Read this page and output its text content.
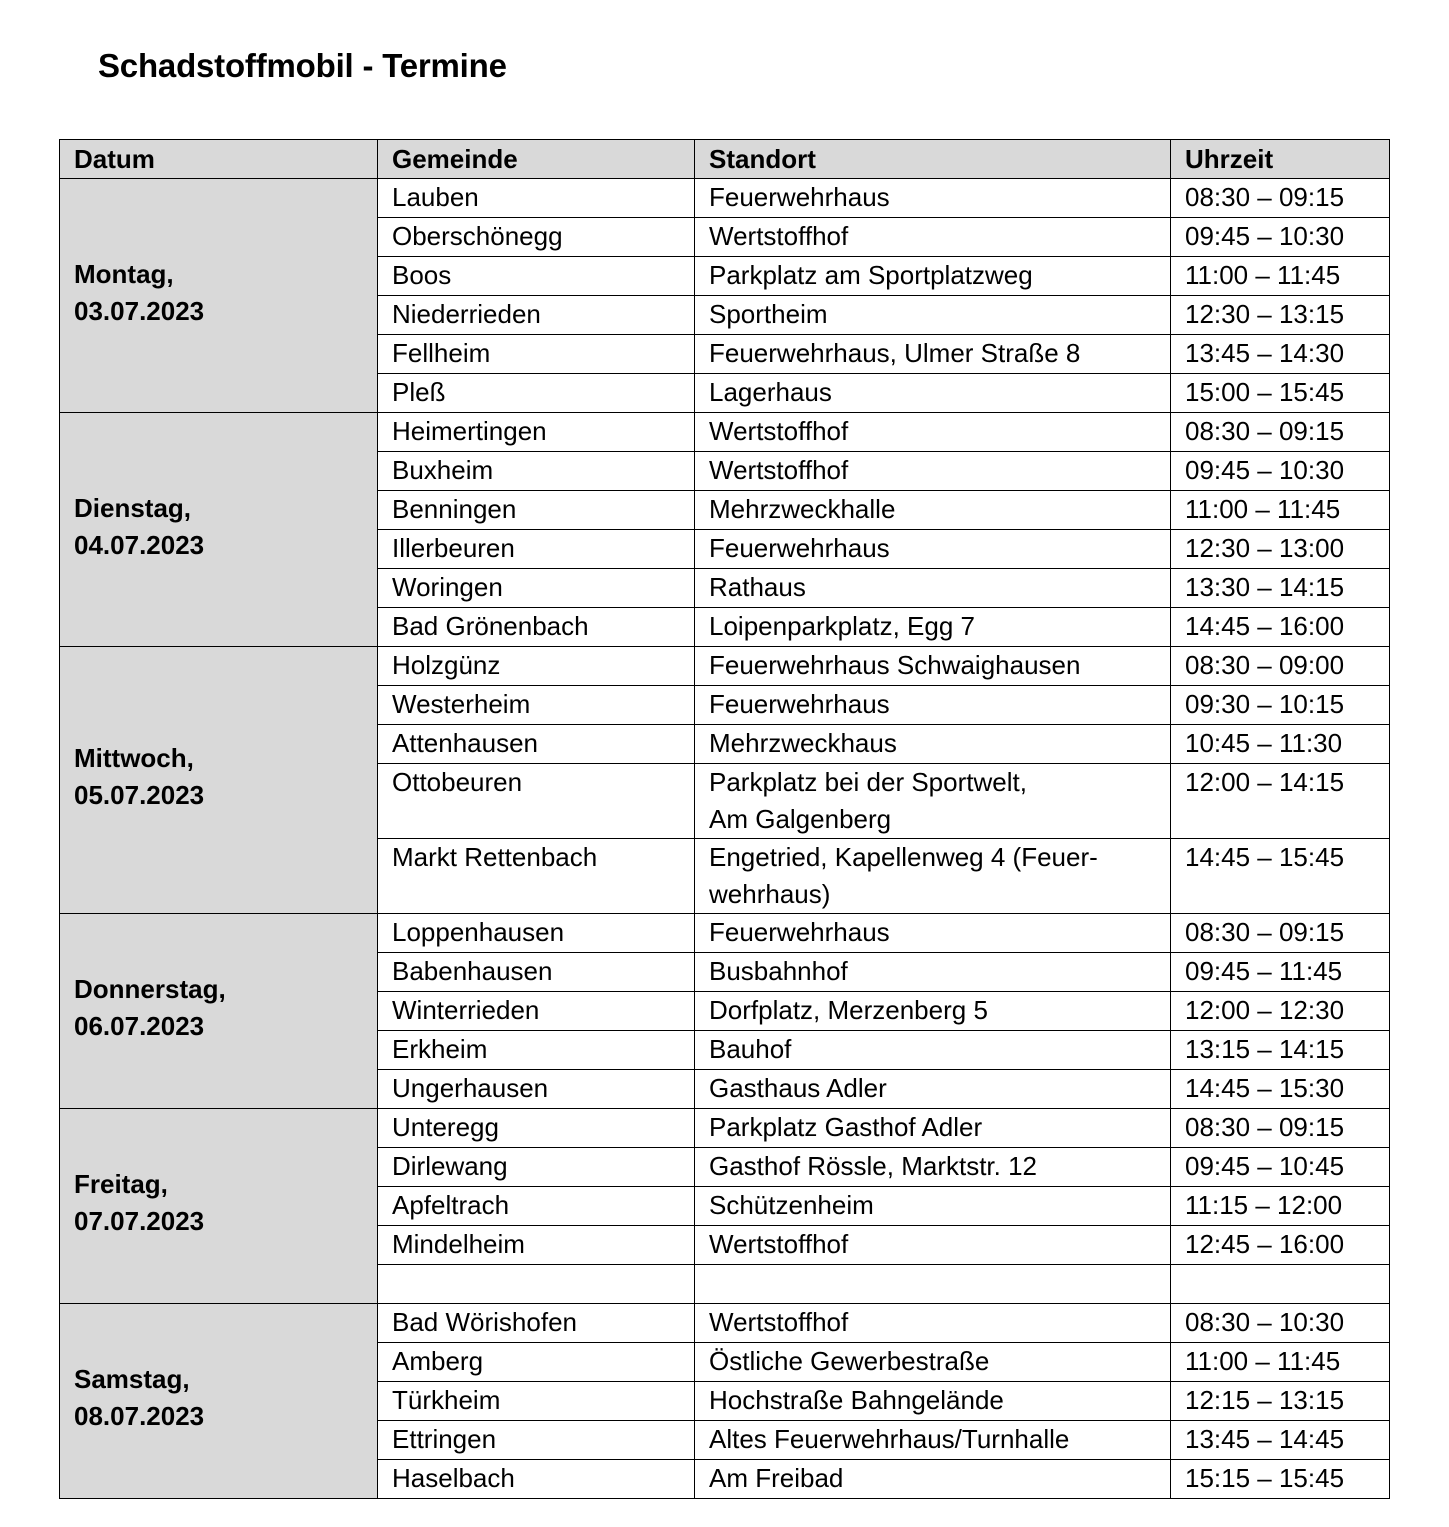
Schadstoffmobil - Termine
Datum	Gemeinde	Standort	Uhrzeit

Montag,
03.07.2023	Lauben	Feuerwehrhaus	08:30 – 09:15
	Oberschönegg	Wertstoffhof	09:45 – 10:30
	Boos	Parkplatz am Sportplatzweg	11:00 – 11:45
	Niederrieden	Sportheim	12:30 – 13:15
	Fellheim	Feuerwehrhaus, Ulmer Straße 8	13:45 – 14:30
	Pleß	Lagerhaus	15:00 – 15:45

Dienstag,
04.07.2023	Heimertingen	Wertstoffhof	08:30 – 09:15
	Buxheim	Wertstoffhof	09:45 – 10:30
	Benningen	Mehrzweckhalle	11:00 – 11:45
	Illerbeuren	Feuerwehrhaus	12:30 – 13:00
	Woringen	Rathaus	13:30 – 14:15
	Bad Grönenbach	Loipenparkplatz, Egg 7	14:45 – 16:00

Mittwoch,
05.07.2023	Holzgünz	Feuerwehrhaus Schwaighausen	08:30 – 09:00
	Westerheim	Feuerwehrhaus	09:30 – 10:15
	Attenhausen	Mehrzweckhaus	10:45 – 11:30
	Ottobeuren	Parkplatz bei der Sportwelt,
Am Galgenberg	12:00 – 14:15
	Markt Rettenbach	Engetried, Kapellenweg 4 (Feuer-
wehrhaus)	14:45 – 15:45

Donnerstag,
06.07.2023	Loppenhausen	Feuerwehrhaus	08:30 – 09:15
	Babenhausen	Busbahnhof	09:45 – 11:45
	Winterrieden	Dorfplatz, Merzenberg 5	12:00 – 12:30
	Erkheim	Bauhof	13:15 – 14:15
	Ungerhausen	Gasthaus Adler	14:45 – 15:30

Freitag,
07.07.2023	Unteregg	Parkplatz Gasthof Adler	08:30 – 09:15
	Dirlewang	Gasthof Rössle, Marktstr. 12	09:45 – 10:45
	Apfeltrach	Schützenheim	11:15 – 12:00
	Mindelheim	Wertstoffhof	12:45 – 16:00

Samstag,
08.07.2023	Bad Wörishofen	Wertstoffhof	08:30 – 10:30
	Amberg	Östliche Gewerbestraße	11:00 – 11:45
	Türkheim	Hochstraße Bahngelände	12:15 – 13:15
	Ettringen	Altes Feuerwehrhaus/Turnhalle	13:45 – 14:45
	Haselbach	Am Freibad	15:15 – 15:45
